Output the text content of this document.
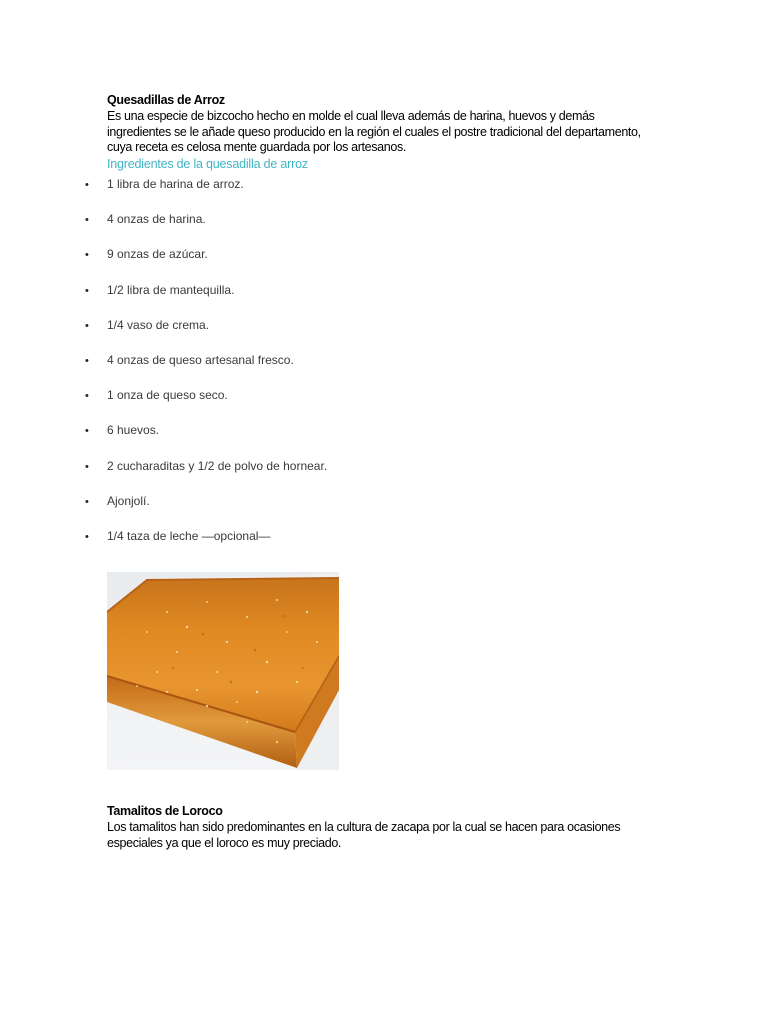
Quesadillas de Arroz
Es una especie de bizcocho hecho en molde el cual lleva además de harina, huevos y demás ingredientes se le añade queso producido en la región el cuales el postre tradicional del departamento, cuya receta es celosa mente guardada por los artesanos.
Ingredientes de la quesadilla de arroz
• 1 libra de harina de arroz.
• 4 onzas de harina.
• 9 onzas de azúcar.
• 1/2 libra de mantequilla.
• 1/4 vaso de crema.
• 4 onzas de queso artesanal fresco.
• 1 onza de queso seco.
• 6 huevos.
• 2 cucharaditas y 1/2 de polvo de hornear.
• Ajonjolí.
• 1/4 taza de leche —opcional—
Tamalitos de Loroco
Los tamalitos han sido predominantes en la cultura de zacapa por la cual se hacen para ocasiones especiales ya que el loroco es muy preciado.
